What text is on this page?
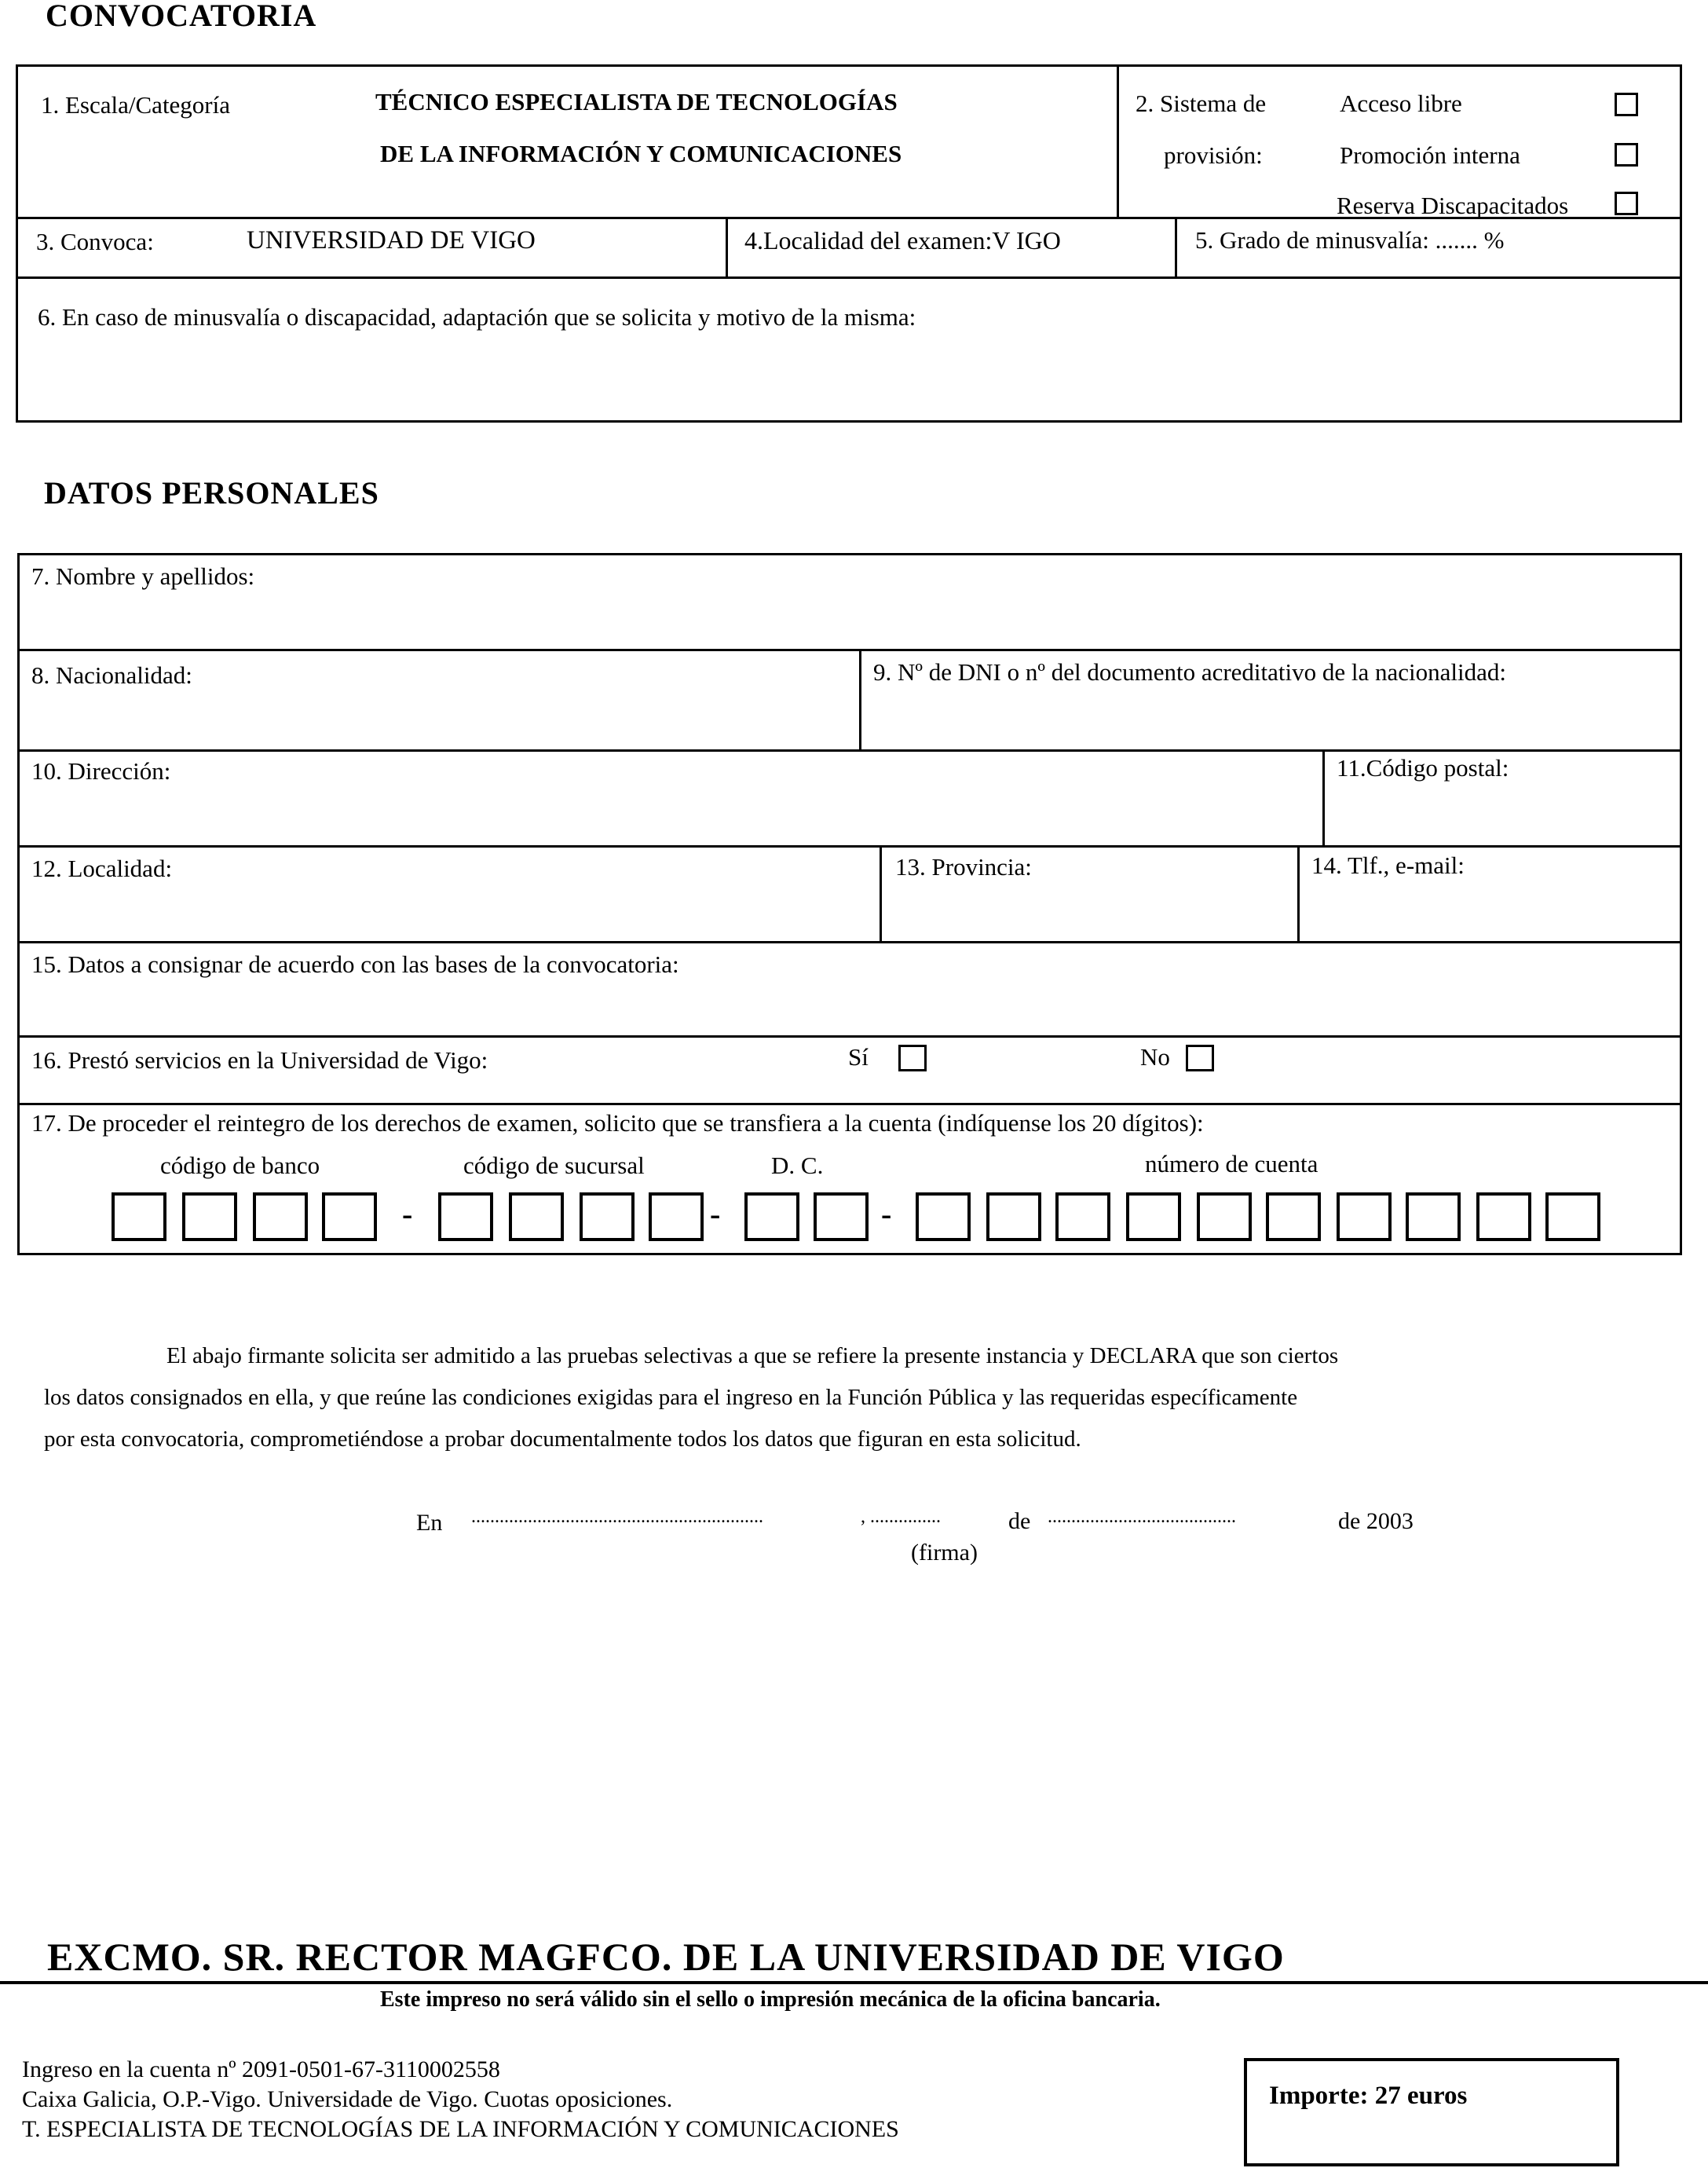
CONVOCATORIA
1. Escala/Categoría	TÉCNICO ESPECIALISTA DE TECNOLOGÍAS
DE LA INFORMACIÓN Y COMUNICACIONES
2. Sistema de
provisión:
Acceso libre
Promoción interna
Reserva Discapacitados
3. Convoca:	UNIVERSIDAD DE VIGO	4.Localidad del examen:V IGO	5. Grado de minusvalía: ....... %
6. En caso de minusvalía o discapacidad, adaptación que se solicita y motivo de la misma:
DATOS PERSONALES
7. Nombre y apellidos:
8. Nacionalidad:	9. Nº de DNI o nº del documento acreditativo de la nacionalidad:
10. Dirección:	11.Código postal:
12. Localidad:	13. Provincia:	14. Tlf., e-mail:
15. Datos a consignar de acuerdo con las bases de la convocatoria:
16. Prestó servicios en la Universidad de Vigo:	Sí	No
17. De proceder el reintegro de los derechos de examen, solicito que se transfiera a la cuenta (indíquense los 20 dígitos):
código de banco	código de sucursal	D. C.	número de cuenta
-	-	-
El abajo firmante solicita ser admitido a las pruebas selectivas a que se refiere la presente instancia y DECLARA que son ciertos
los datos consignados en ella, y que reúne las condiciones exigidas para el ingreso en la Función Pública y las requeridas específicamente
por esta convocatoria, comprometiéndose a probar documentalmente todos los datos que figuran en esta solicitud.
En ..............................................................	, ...............	de ........................................	de 2003
(firma)
EXCMO. SR. RECTOR MAGFCO. DE LA UNIVERSIDAD DE VIGO
Este impreso no será válido sin el sello o impresión mecánica de la oficina bancaria.
Ingreso en la cuenta nº 2091-0501-67-3110002558
Caixa Galicia, O.P.-Vigo. Universidade de Vigo. Cuotas oposiciones.
T. ESPECIALISTA DE TECNOLOGÍAS DE LA INFORMACIÓN Y COMUNICACIONES
Importe: 27 euros
